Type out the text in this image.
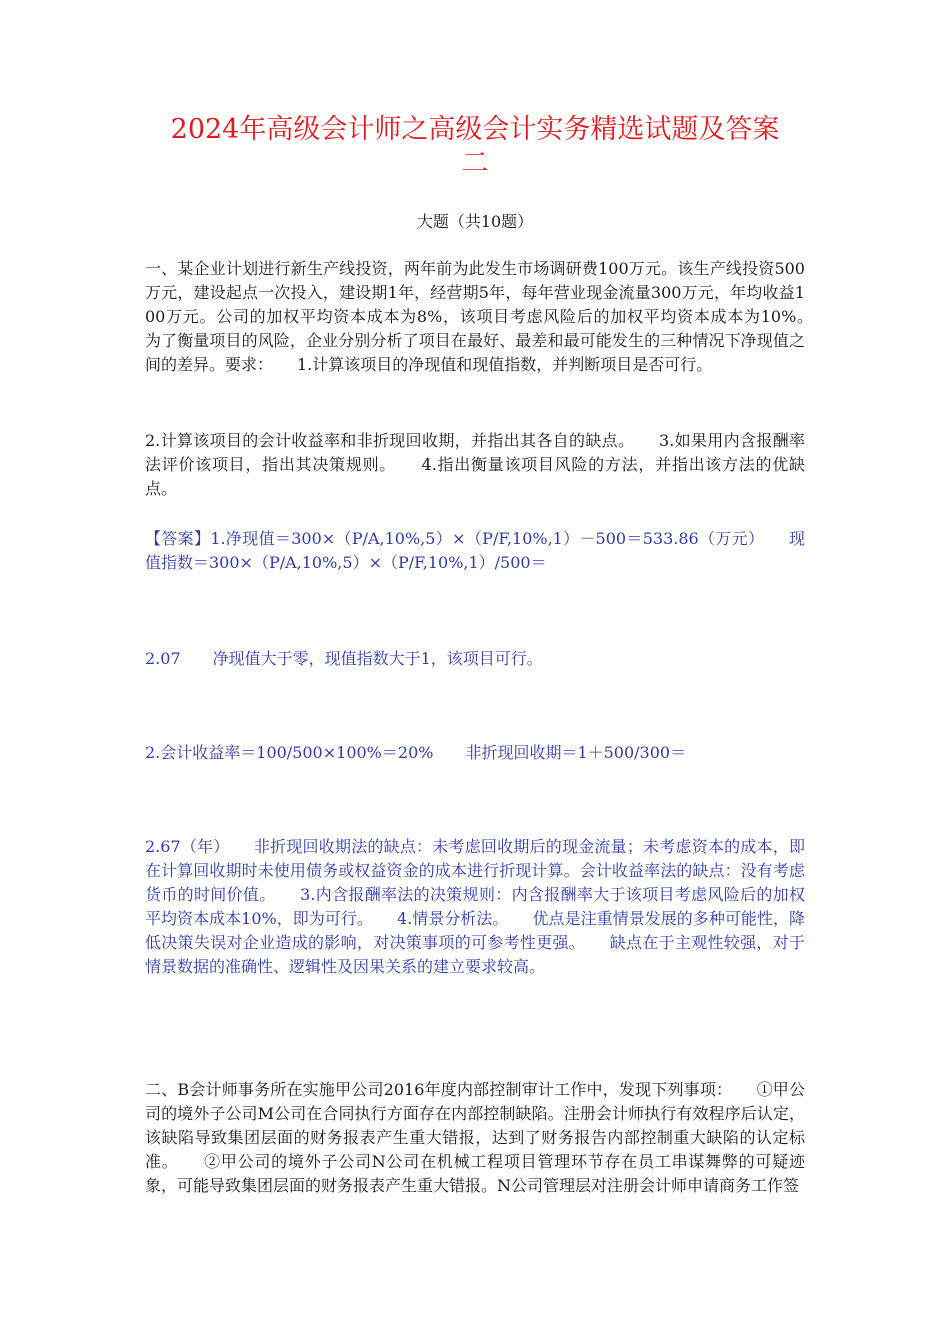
2024年高级会计师之高级会计实务精选试题及答案
二
大题（共10题）

一、某企业计划进行新生产线投资，两年前为此发生市场调研费100万元。该生产线投资500万元，建设起点一次投入，建设期1年，经营期5年，每年营业现金流量300万元，年均收益100万元。公司的加权平均资本成本为8%，该项目考虑风险后的加权平均资本成本为10%。　　为了衡量项目的风险，企业分别分析了项目在最好、最差和最可能发生的三种情况下净现值之间的差异。要求：　　1.计算该项目的净现值和现值指数，并判断项目是否可行。

2.计算该项目的会计收益率和非折现回收期，并指出其各自的缺点。　　3.如果用内含报酬率法评价该项目，指出其决策规则。　　4.指出衡量该项目风险的方法，并指出该方法的优缺点。

【答案】1.净现值＝300×（P/A,10%,5）×（P/F,10%,1）－500＝533.86（万元）　　现值指数＝300×（P/A,10%,5）×（P/F,10%,1）/500＝

2.07　　净现值大于零，现值指数大于1，该项目可行。

2.会计收益率＝100/500×100%＝20%　　非折现回收期＝1＋500/300＝

2.67（年）　　非折现回收期法的缺点：未考虑回收期后的现金流量；未考虑资本的成本，即在计算回收期时未使用债务或权益资金的成本进行折现计算。会计收益率法的缺点：没有考虑货币的时间价值。　　3.内含报酬率法的决策规则：内含报酬率大于该项目考虑风险后的加权平均资本成本10%，即为可行。　　4.情景分析法。　　优点是注重情景发展的多种可能性，降低决策失误对企业造成的影响，对决策事项的可参考性更强。　　缺点在于主观性较强，对于情景数据的准确性、逻辑性及因果关系的建立要求较高。

二、B会计师事务所在实施甲公司2016年度内部控制审计工作中，发现下列事项：　　①甲公司的境外子公司M公司在合同执行方面存在内部控制缺陷。注册会计师执行有效程序后认定，该缺陷导致集团层面的财务报表产生重大错报，达到了财务报告内部控制重大缺陷的认定标准。　　②甲公司的境外子公司N公司在机械工程项目管理环节存在员工串谋舞弊的可疑迹象，可能导致集团层面的财务报表产生重大错报。N公司管理层对注册会计师申请商务工作签
